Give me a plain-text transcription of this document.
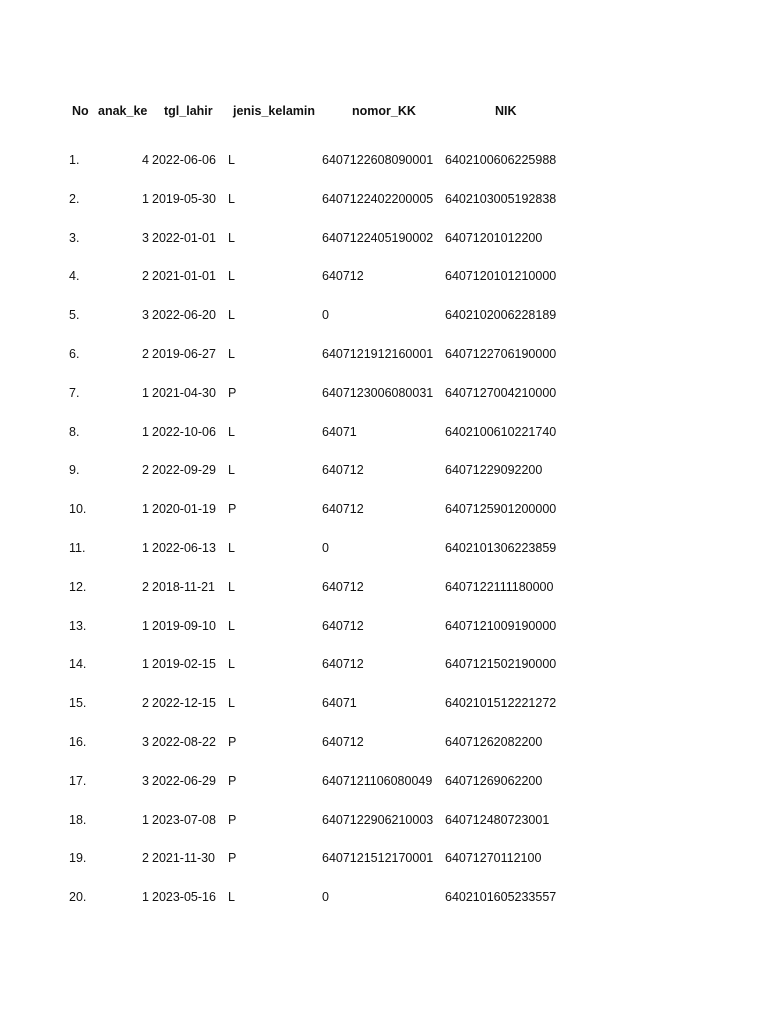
No anak_ke tgl_lahir jenis_kelamin	nomor_KK	NIK
1.	4 2022-06-06 L	6407122608090001 6402100606225988
2.	1 2019-05-30 L	6407122402200005 6402103005192838
3.	3 2022-01-01 L	6407122405190002 64071201012200
4.	2 2021-01-01 L	640712	6407120101210000
5.	3 2022-06-20 L	0	6402102006228189
6.	2 2019-06-27 L	6407121912160001 6407122706190000
7.	1 2021-04-30 P	6407123006080031 6407127004210000
8.	1 2022-10-06 L	64071	6402100610221740
9.	2 2022-09-29 L	640712	64071229092200
10.	1 2020-01-19 P	640712	6407125901200000
11.	1 2022-06-13 L	0	6402101306223859
12.	2 2018-11-21 L	640712	6407122111180000
13.	1 2019-09-10 L	640712	6407121009190000
14.	1 2019-02-15 L	640712	6407121502190000
15.	2 2022-12-15 L	64071	6402101512221272
16.	3 2022-08-22 P	640712	64071262082200
17.	3 2022-06-29 P	6407121106080049 64071269062200
18.	1 2023-07-08 P	6407122906210003 640712480723001
19.	2 2021-11-30 P	6407121512170001 64071270112100
20.	1 2023-05-16 L	0	6402101605233557
